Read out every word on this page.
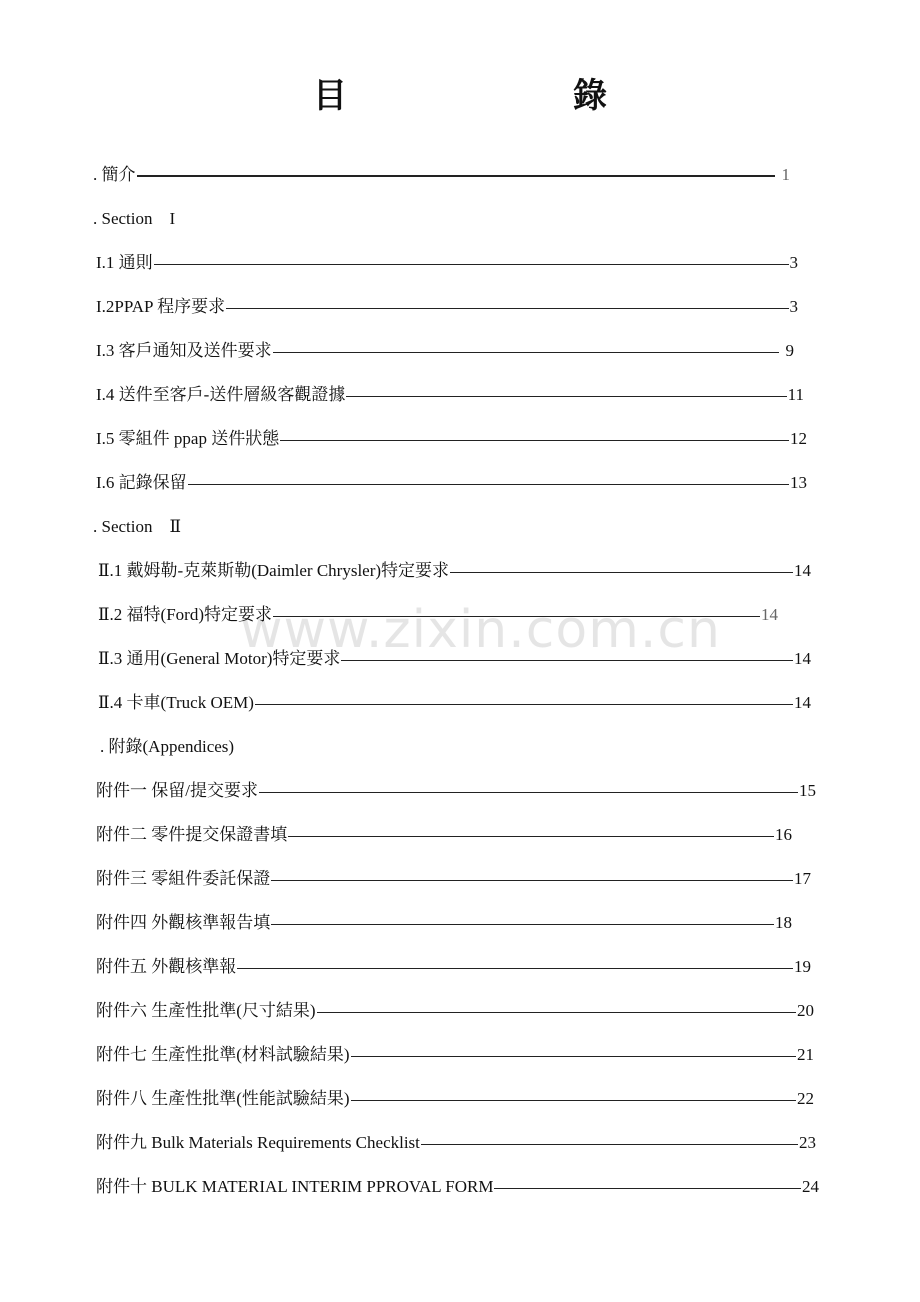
目　錄
www.zixin.com.cn
. 簡介	1
. Section　I
I.1 通則	3
I.2PPAP 程序要求	3
I.3 客戶通知及送件要求	9
I.4 送件至客戶-送件層級客觀證據	11
I.5 零組件 ppap 送件狀態	12
I.6 記錄保留	13
. Section　Ⅱ
Ⅱ.1 戴姆勒-克萊斯勒(Daimler Chrysler)特定要求	14
Ⅱ.2 福特(Ford)特定要求	14
Ⅱ.3 通用(General Motor)特定要求	14
Ⅱ.4 卡車(Truck OEM)	14
. 附錄(Appendices)
附件一 保留/提交要求	15
附件二 零件提交保證書填	16
附件三 零組件委託保證	17
附件四 外觀核準報告填	18
附件五 外觀核準報	19
附件六 生產性批準(尺寸結果)	20
附件七 生產性批準(材料試驗結果)	21
附件八 生產性批準(性能試驗結果)	22
附件九 Bulk Materials Requirements Checklist	23
附件十 BULK MATERIAL INTERIM PPROVAL FORM	24
